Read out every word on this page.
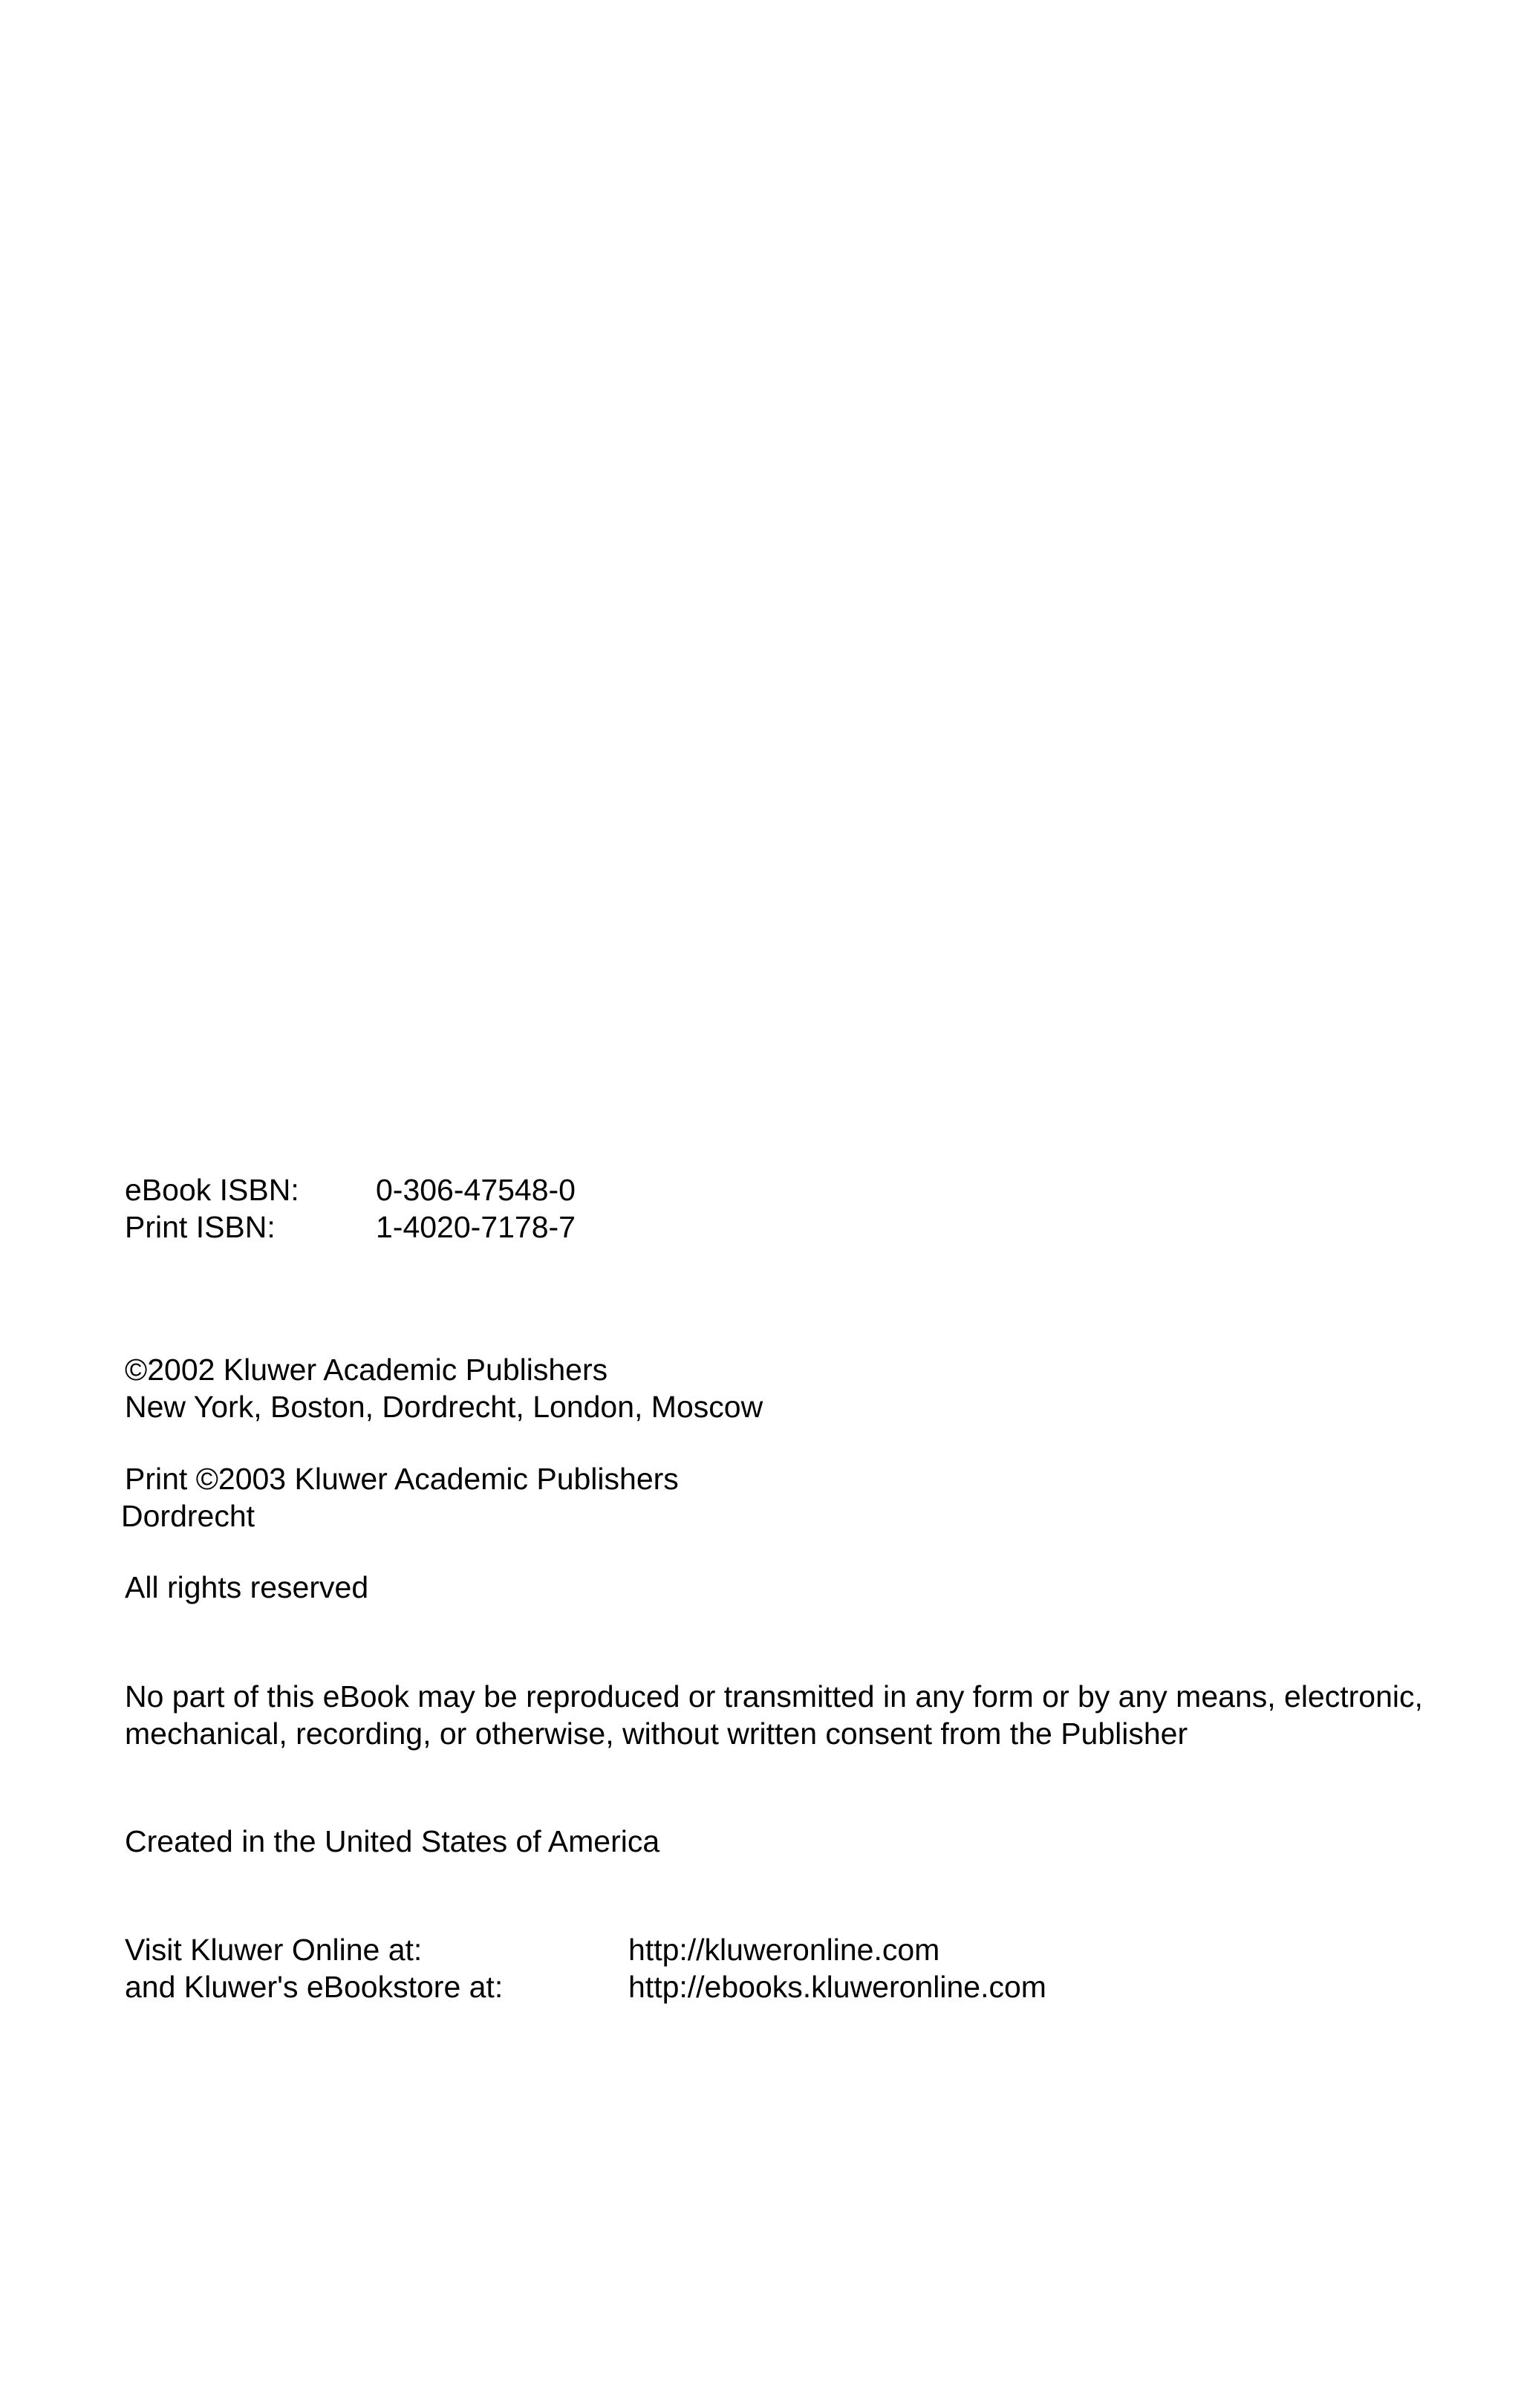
eBook ISBN:	0-306-47548-0
Print ISBN:	1-4020-7178-7
©2002 Kluwer Academic Publishers
New York, Boston, Dordrecht, London, Moscow
Print ©2003 Kluwer Academic Publishers
Dordrecht
All rights reserved
No part of this eBook may be reproduced or transmitted in any form or by any means, electronic,
mechanical, recording, or otherwise, without written consent from the Publisher
Created in the United States of America
Visit Kluwer Online at:	http://kluweronline.com
and Kluwer's eBookstore at:	http://ebooks.kluweronline.com
